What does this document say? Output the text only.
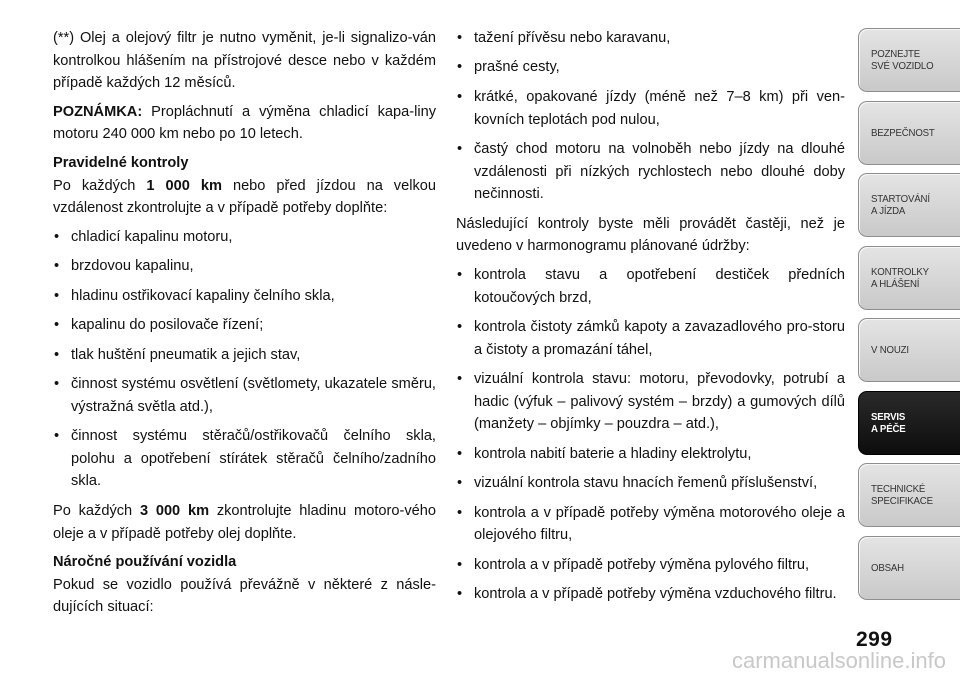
(**) Olej a olejový filtr je nutno vyměnit, je-li signalizo-ván kontrolkou hlášením na přístrojové desce nebo v každém případě každých 12 měsíců.

POZNÁMKA: Propláchnutí a výměna chladicí kapa-liny motoru 240 000 km nebo po 10 letech.

Pravidelné kontroly

Po každých 1 000 km nebo před jízdou na velkou vzdálenost zkontrolujte a v případě potřeby doplňte:

• chladicí kapalinu motoru,
• brzdovou kapalinu,
• hladinu ostřikovací kapaliny čelního skla,
• kapalinu do posilovače řízení;
• tlak huštění pneumatik a jejich stav,
• činnost systému osvětlení (světlomety, ukazatele směru, výstražná světla atd.),
• činnost systému stěračů/ostřikovačů čelního skla, polohu a opotřebení stírátek stěračů čelního/zadního skla.

Po každých 3 000 km zkontrolujte hladinu motoro-vého oleje a v případě potřeby olej doplňte.

Náročné používání vozidla

Pokud se vozidlo používá převážně v některé z násle-dujících situací:

• tažení přívěsu nebo karavanu,
• prašné cesty,
• krátké, opakované jízdy (méně než 7–8 km) při ven-kovních teplotách pod nulou,
• častý chod motoru na volnoběh nebo jízdy na dlouhé vzdálenosti při nízkých rychlostech nebo dlouhé doby nečinnosti.

Následující kontroly byste měli provádět častěji, než je uvedeno v harmonogramu plánované údržby:

• kontrola stavu a opotřebení destiček předních kotoučových brzd,
• kontrola čistoty zámků kapoty a zavazadlového pro-storu a čistoty a promazání táhel,
• vizuální kontrola stavu: motoru, převodovky, potrubí a hadic (výfuk – palivový systém – brzdy) a gumových dílů (manžety – objímky – pouzdra – atd.),
• kontrola nabití baterie a hladiny elektrolytu,
• vizuální kontrola stavu hnacích řemenů příslušenství,
• kontrola a v případě potřeby výměna motorového oleje a olejového filtru,
• kontrola a v případě potřeby výměna pylového filtru,
• kontrola a v případě potřeby výměna vzduchového filtru.
POZNEJTE
SVÉ VOZIDLO
BEZPEČNOST
STARTOVÁNÍ
A JÍZDA
KONTROLKY
A HLÁŠENÍ
V NOUZI
SERVIS
A PÉČE
TECHNICKÉ
SPECIFIKACE
OBSAH
299
carmanualsonline.info
